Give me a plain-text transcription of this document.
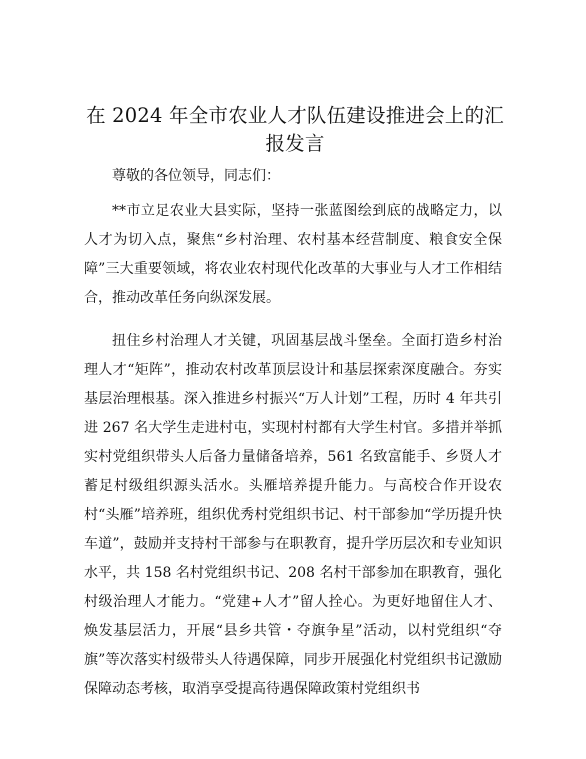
在 2024 年全市农业人才队伍建设推进会上的汇报发言

尊敬的各位领导，同志们：

**市立足农业大县实际，坚持一张蓝图绘到底的战略定力，以人才为切入点，聚焦“乡村治理、农村基本经营制度、粮食安全保障”三大重要领域，将农业农村现代化改革的大事业与人才工作相结合，推动改革任务向纵深发展。

扭住乡村治理人才关键，巩固基层战斗堡垒。全面打造乡村治理人才“矩阵”，推动农村改革顶层设计和基层探索深度融合。夯实基层治理根基。深入推进乡村振兴“万人计划”工程，历时 4 年共引进 267 名大学生走进村屯，实现村村都有大学生村官。多措并举抓实村党组织带头人后备力量储备培养，561 名致富能手、乡贤人才蓄足村级组织源头活水。头雁培养提升能力。与高校合作开设农村“头雁”培养班，组织优秀村党组织书记、村干部参加“学历提升快车道”，鼓励并支持村干部参与在职教育，提升学历层次和专业知识水平，共 158 名村党组织书记、208 名村干部参加在职教育，强化村级治理人才能力。“党建+人才”留人拴心。为更好地留住人才、焕发基层活力，开展“县乡共管・夺旗争星”活动，以村党组织“夺旗”等次落实村级带头人待遇保障，同步开展强化村党组织书记激励保障动态考核，取消享受提高待遇保障政策村党组织书
